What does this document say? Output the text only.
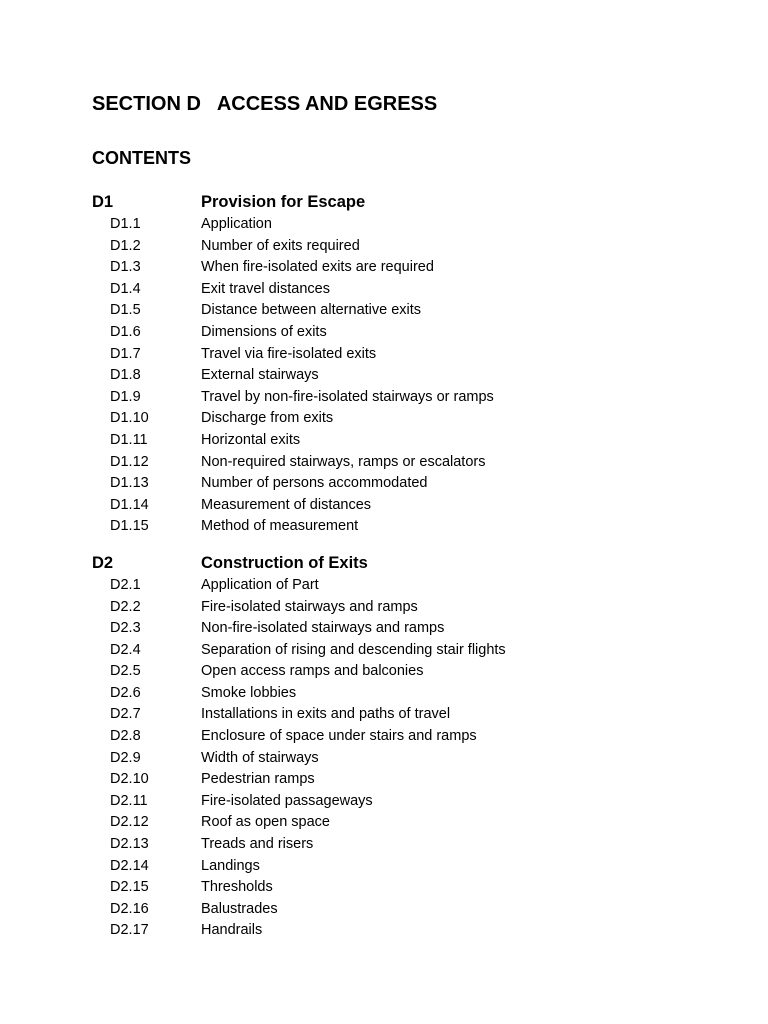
SECTION D   ACCESS AND EGRESS
CONTENTS
D1	Provision for Escape
D1.1	Application
D1.2	Number of exits required
D1.3	When fire-isolated exits are required
D1.4	Exit travel distances
D1.5	Distance between alternative exits
D1.6	Dimensions of exits
D1.7	Travel via fire-isolated exits
D1.8	External stairways
D1.9	Travel by non-fire-isolated stairways or ramps
D1.10	Discharge from exits
D1.11	Horizontal exits
D1.12	Non-required stairways, ramps or escalators
D1.13	Number of persons accommodated
D1.14	Measurement of distances
D1.15	Method of measurement
D2	Construction of Exits
D2.1	Application of Part
D2.2	Fire-isolated stairways and ramps
D2.3	Non-fire-isolated stairways and ramps
D2.4	Separation of rising and descending stair flights
D2.5	Open access ramps and balconies
D2.6	Smoke lobbies
D2.7	Installations in exits and paths of travel
D2.8	Enclosure of space under stairs and ramps
D2.9	Width of stairways
D2.10	Pedestrian ramps
D2.11	Fire-isolated passageways
D2.12	Roof as open space
D2.13	Treads and risers
D2.14	Landings
D2.15	Thresholds
D2.16	Balustrades
D2.17	Handrails
